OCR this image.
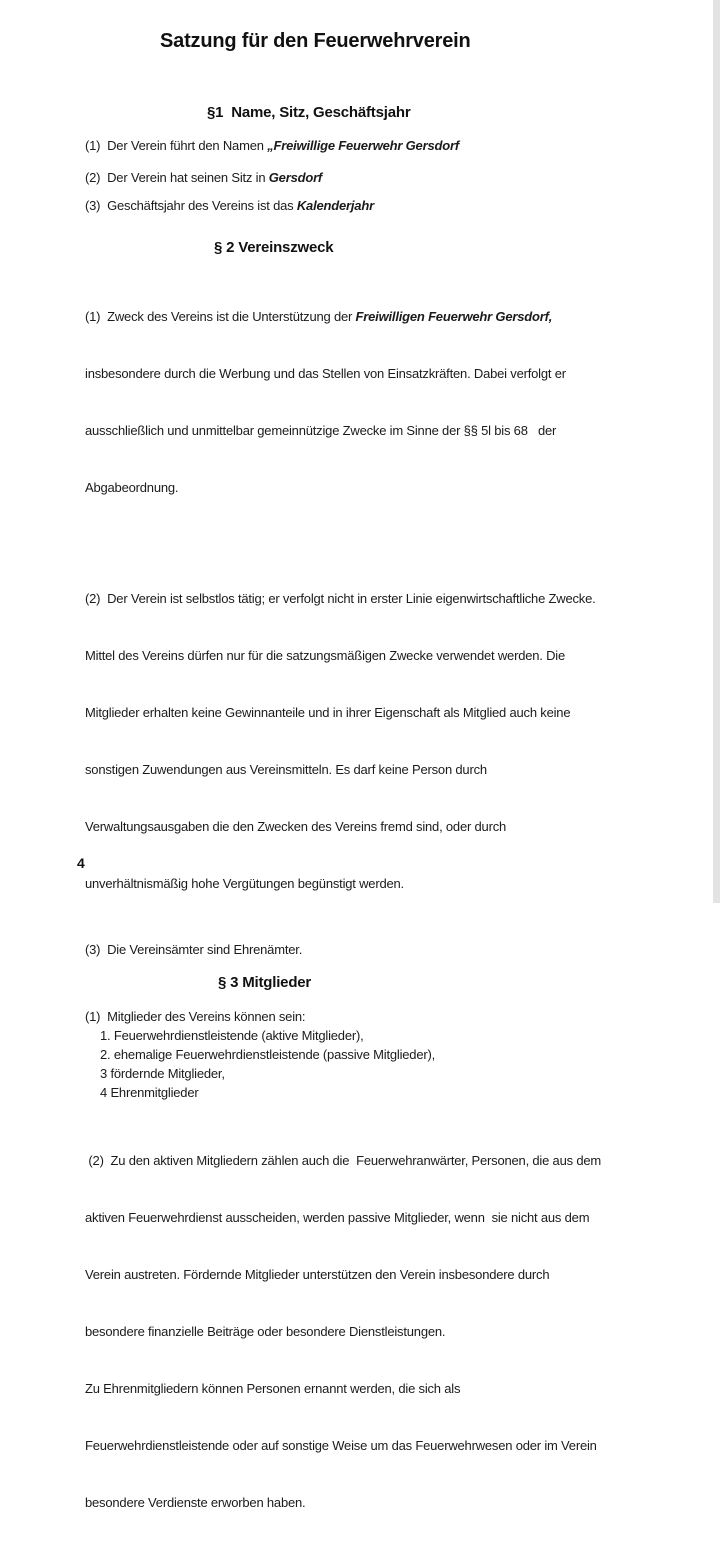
Satzung für den Feuerwehrverein
§1  Name, Sitz, Geschäftsjahr

(1)  Der Verein führt den Namen „Freiwillige Feuerwehr Gersdorf

(2)  Der Verein hat seinen Sitz in Gersdorf

(3)  Geschäftsjahr des Vereins ist das Kalenderjahr

§ 2 Vereinszweck

(1)  Zweck des Vereins ist die Unterstützung der Freiwilligen Feuerwehr Gersdorf,

insbesondere durch die Werbung und das Stellen von Einsatzkräften. Dabei verfolgt er

ausschließlich und unmittelbar gemeinnützige Zwecke im Sinne der §§ 5l bis 68   der

Abgabeordnung.

(2)  Der Verein ist selbstlos tätig; er verfolgt nicht in erster Linie eigenwirtschaftliche Zwecke.

Mittel des Vereins dürfen nur für die satzungsmäßigen Zwecke verwendet werden. Die

Mitglieder erhalten keine Gewinnanteile und in ihrer Eigenschaft als Mitglied auch keine

sonstigen Zuwendungen aus Vereinsmitteln. Es darf keine Person durch

Verwaltungsausgaben die den Zwecken des Vereins fremd sind, oder durch

unverhältnismäßig hohe Vergütungen begünstigt werden.

(3)  Die Vereinsämter sind Ehrenämter.

§ 3 Mitglieder

(1)  Mitglieder des Vereins können sein:

1. Feuerwehrdienstleistende (aktive Mitglieder),
2. ehemalige Feuerwehrdienstleistende (passive Mitglieder),
3 fördernde Mitglieder,
4 Ehrenmitglieder

(2)  Zu den aktiven Mitgliedern zählen auch die  Feuerwehranwärter, Personen, die aus dem

aktiven Feuerwehrdienst ausscheiden, werden passive Mitglieder, wenn  sie nicht aus dem

Verein austreten. Fördernde Mitglieder unterstützen den Verein insbesondere durch

besondere finanzielle Beiträge oder besondere Dienstleistungen.

Zu Ehrenmitgliedern können Personen ernannt werden, die sich als

Feuerwehrdienstleistende oder auf sonstige Weise um das Feuerwehrwesen oder im Verein

besondere Verdienste erworben haben.

4
